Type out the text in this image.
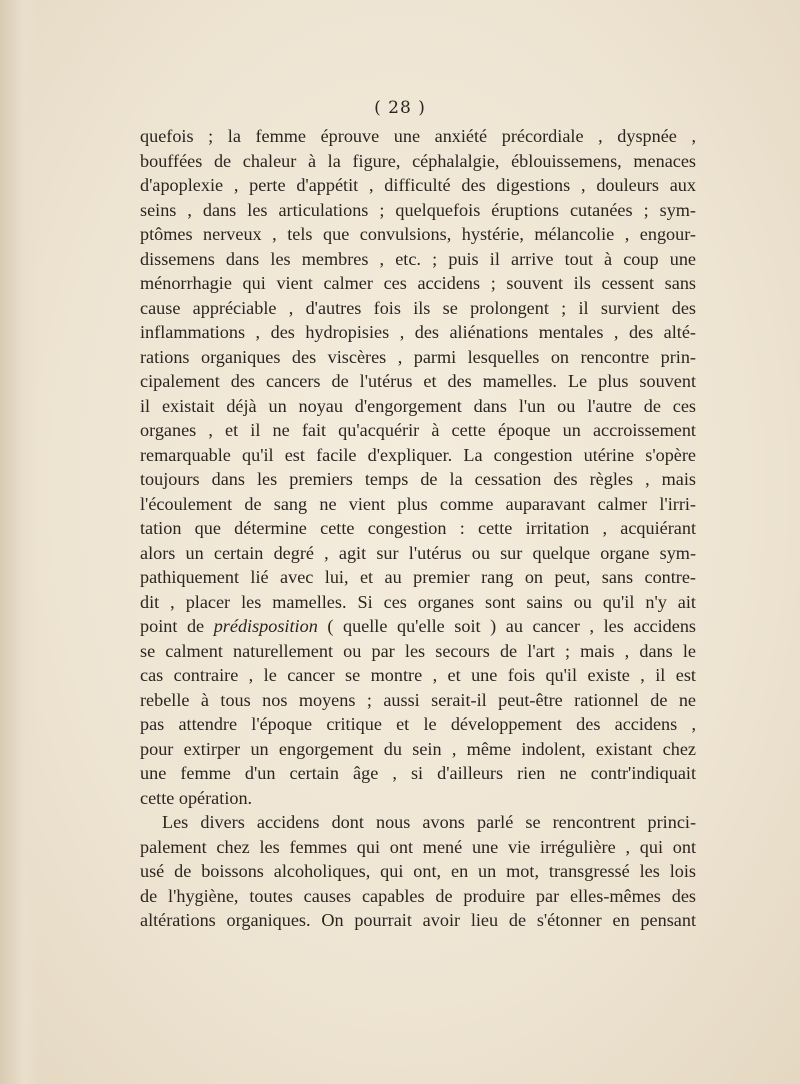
( 28 )
quefois ; la femme éprouve une anxiété précordiale , dyspnée ,
bouffées de chaleur à la figure, céphalalgie, éblouissemens, menaces
d'apoplexie , perte d'appétit , difficulté des digestions , douleurs aux
seins , dans les articulations ; quelquefois éruptions cutanées ; sym-
ptômes nerveux , tels que convulsions, hystérie, mélancolie , engour-
dissemens dans les membres , etc. ; puis il arrive tout à coup une
ménorrhagie qui vient calmer ces accidens ; souvent ils cessent sans
cause appréciable , d'autres fois ils se prolongent ; il survient des
inflammations , des hydropisies , des aliénations mentales , des alté-
rations organiques des viscères , parmi lesquelles on rencontre prin-
cipalement des cancers de l'utérus et des mamelles. Le plus souvent
il existait déjà un noyau d'engorgement dans l'un ou l'autre de ces
organes , et il ne fait qu'acquérir à cette époque un accroissement
remarquable qu'il est facile d'expliquer. La congestion utérine s'opère
toujours dans les premiers temps de la cessation des règles , mais
l'écoulement de sang ne vient plus comme auparavant calmer l'irri-
tation que détermine cette congestion : cette irritation , acquiérant
alors un certain degré , agit sur l'utérus ou sur quelque organe sym-
pathiquement lié avec lui, et au premier rang on peut, sans contre-
dit , placer les mamelles. Si ces organes sont sains ou qu'il n'y ait
point de prédisposition ( quelle qu'elle soit ) au cancer , les accidens
se calment naturellement ou par les secours de l'art ; mais , dans le
cas contraire , le cancer se montre , et une fois qu'il existe , il est
rebelle à tous nos moyens ; aussi serait-il peut-être rationnel de ne
pas attendre l'époque critique et le développement des accidens ,
pour extirper un engorgement du sein , même indolent, existant chez
une femme d'un certain âge , si d'ailleurs rien ne contr'indiquait
cette opération.
Les divers accidens dont nous avons parlé se rencontrent princi-
palement chez les femmes qui ont mené une vie irrégulière , qui ont
usé de boissons alcoholiques, qui ont, en un mot, transgressé les lois
de l'hygiène, toutes causes capables de produire par elles-mêmes des
altérations organiques. On pourrait avoir lieu de s'étonner en pensant
